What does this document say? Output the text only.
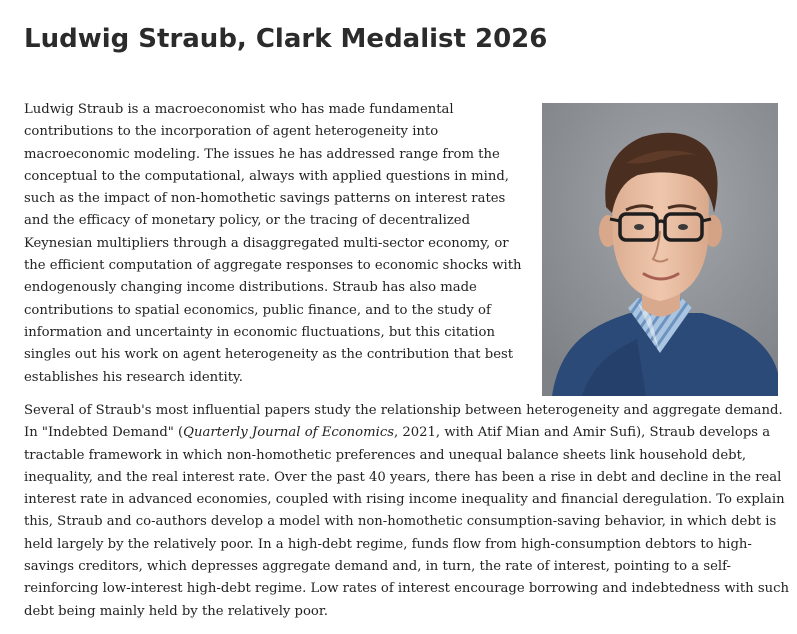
Ludwig Straub, Clark Medalist 2026

Ludwig Straub is a macroeconomist who has made fundamental contributions to the incorporation of agent heterogeneity into macroeconomic modeling. The issues he has addressed range from the conceptual to the computational, always with applied questions in mind, such as the impact of non-homothetic savings patterns on interest rates and the efficacy of monetary policy, or the tracing of decentralized Keynesian multipliers through a disaggregated multi-sector economy, or the efficient computation of aggregate responses to economic shocks with endogenously changing income distributions. Straub has also made contributions to spatial economics, public finance, and to the study of information and uncertainty in economic fluctuations, but this citation singles out his work on agent heterogeneity as the contribution that best establishes his research identity.

Several of Straub's most influential papers study the relationship between heterogeneity and aggregate demand. In "Indebted Demand" (Quarterly Journal of Economics, 2021, with Atif Mian and Amir Sufi), Straub develops a tractable framework in which non-homothetic preferences and unequal balance sheets link household debt, inequality, and the real interest rate. Over the past 40 years, there has been a rise in debt and decline in the real interest rate in advanced economies, coupled with rising income inequality and financial deregulation. To explain this, Straub and co-authors develop a model with non-homothetic consumption-saving behavior, in which debt is held largely by the relatively poor. In a high-debt regime, funds flow from high-consumption debtors to high-savings creditors, which depresses aggregate demand and, in turn, the rate of interest, pointing to a self-reinforcing low-interest high-debt regime. Low rates of interest encourage borrowing and indebtedness with such debt being mainly held by the relatively poor.
